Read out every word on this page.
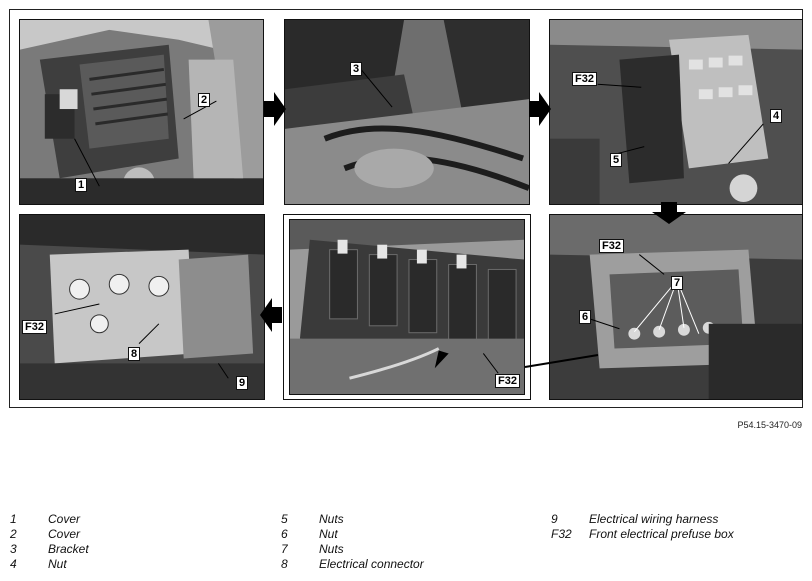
2
1
3
F32
4
5
F32
7
6
F32
F32
8
9
P54.15-3470-09
1	Cover
2	Cover
3	Bracket
4	Nut
5	Nuts
6	Nut
7	Nuts
8	Electrical connector
9	Electrical wiring harness
F32 Front electrical prefuse box
